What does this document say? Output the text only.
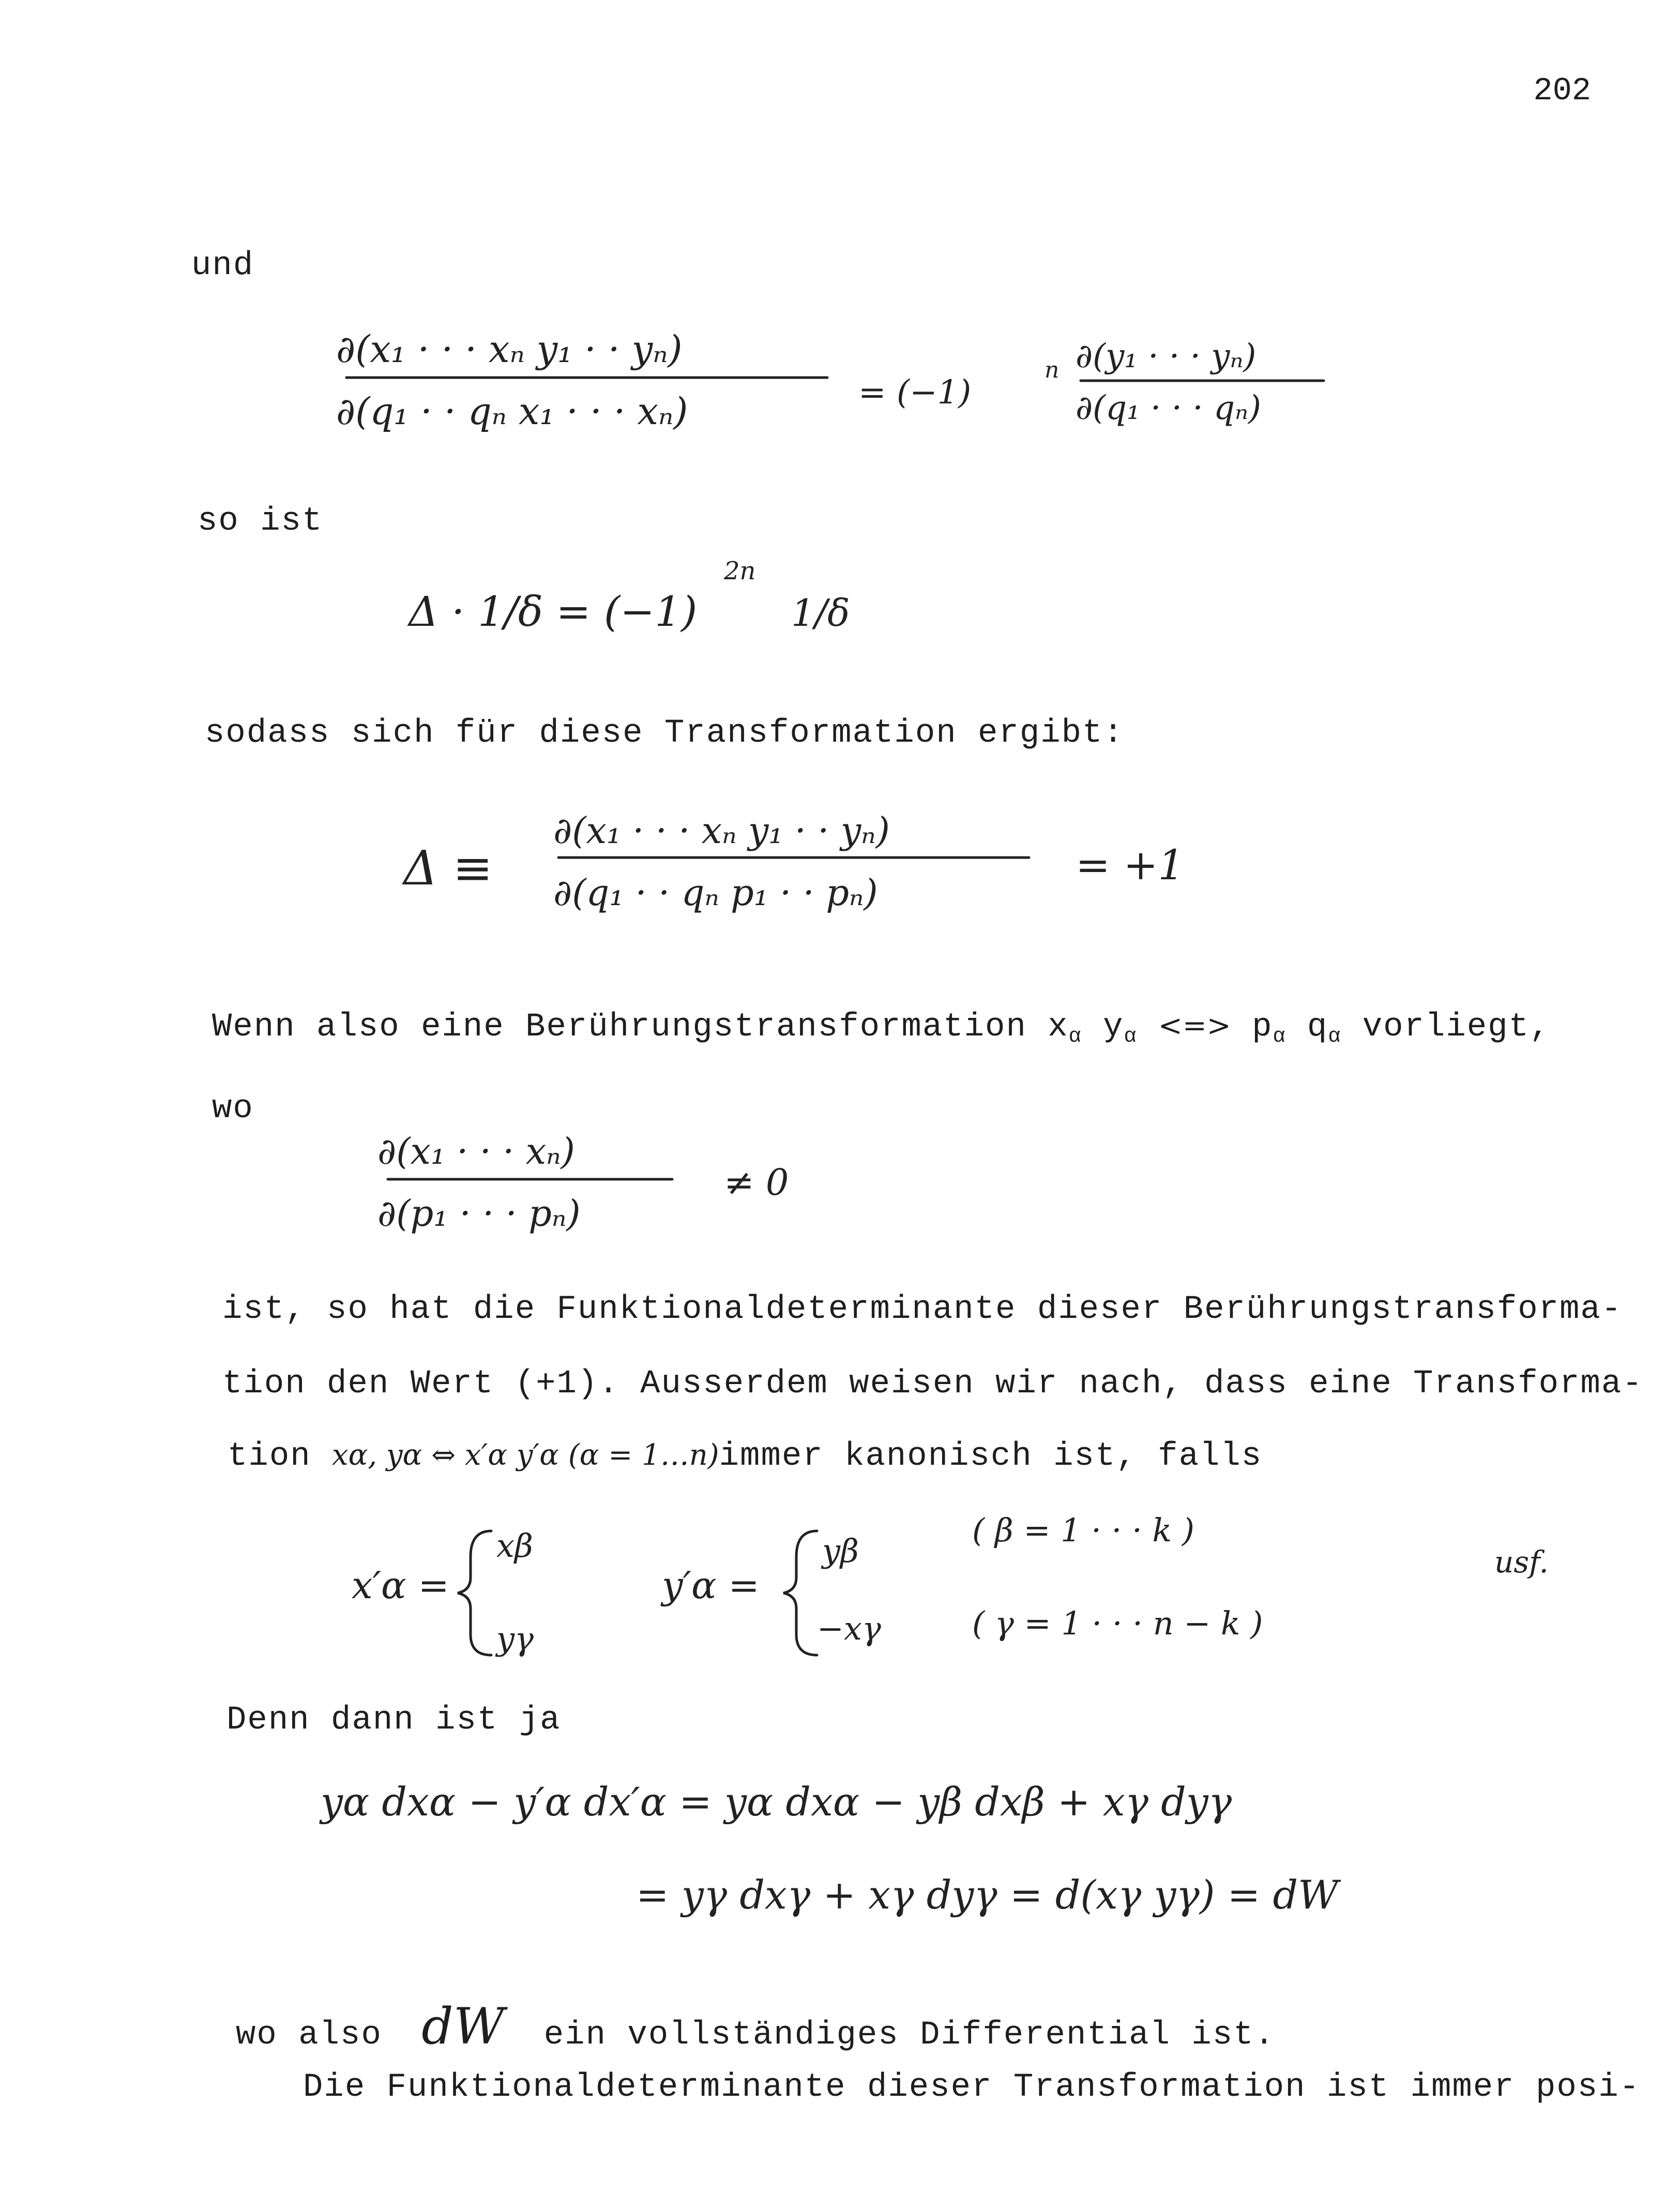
202
und
∂(x₁ · · · xₙ y₁ · · yₙ)
∂(q₁ · · qₙ x₁ · · · xₙ)	= (−1)
n ∂(y₁ · · · yₙ)
∂(q₁ · · · qₙ)
so ist
Δ · 1/δ = (−1)
2n
1/δ
sodass sich für diese Transformation ergibt:
Δ ≡
∂(x₁ · · · xₙ y₁ · · yₙ)
∂(q₁ · · qₙ p₁ · · pₙ)
= +1
Wenn also eine Berührungstransformation $x_\alpha$ $y_\alpha$ <=> $p_\alpha$ $q_\alpha$ vorliegt,
wo
∂(x₁ · · · xₙ)
∂(p₁ · · · pₙ)
≠ 0
ist, so hat die Funktionaldeterminante dieser Berührungstransforma-
tion den Wert (+1). Ausserdem weisen wir nach, dass eine Transforma-
tion xα, yα ⇔ x′α y′α (α = 1…n)immer kanonisch ist, falls
x′α =
xβ
yγ
y′α =
yβ
−xγ
( β = 1 · · · k )
( γ = 1 · · · n − k )
usf.
Denn dann ist ja
yα dxα − y′α dx′α = yα dxα − yβ dxβ + xγ dyγ
= yγ dxγ + xγ dyγ = d(xγ yγ) = dW
wo also dW ein vollständiges Differential ist.
Die Funktionaldeterminante dieser Transformation ist immer posi-
